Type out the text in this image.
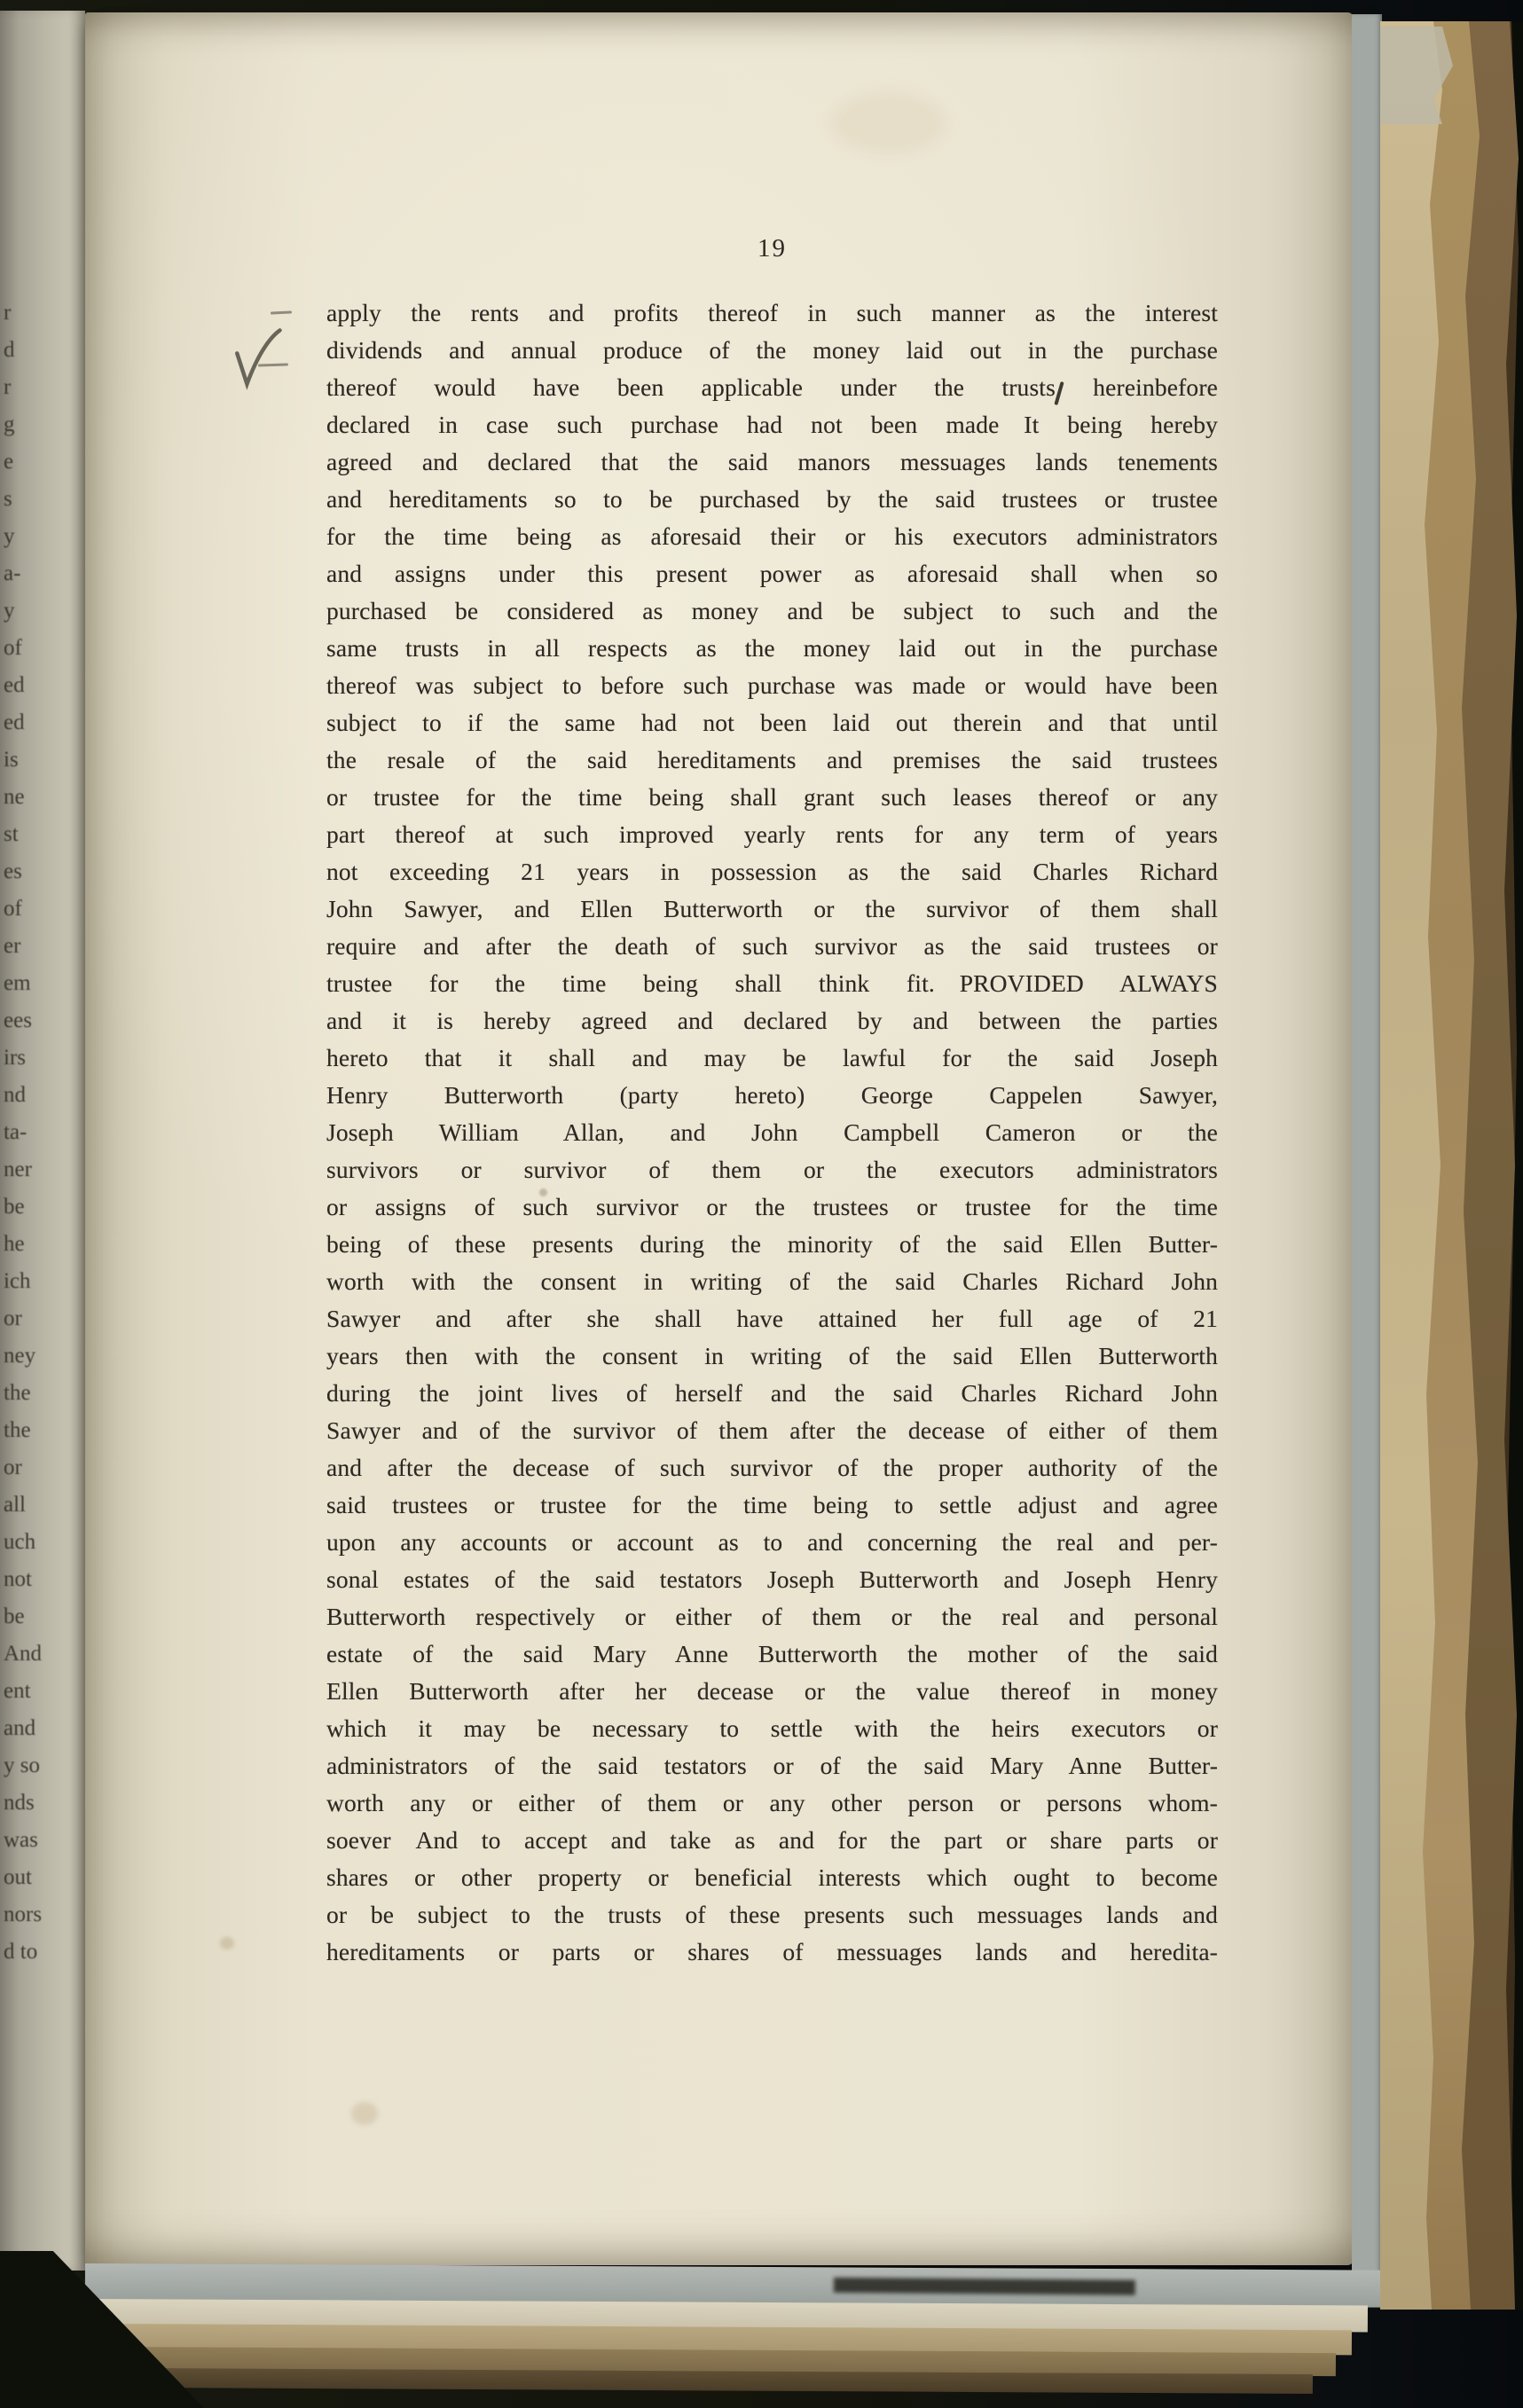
r
d
r
g
e
s
y
a-
y
of
ed
ed
is
ne
st
es
of
er
em
ees
irs
nd
ta-
ner
be
he
ich
or
ney
the
the
or
all
uch
not
be
And
ent
and
y so
nds
was
out
nors
d to
19
apply the rents and profits thereof in such manner as the interest
dividends and annual produce of the money laid out in the purchase
thereof would have been applicable under the trusts hereinbefore
declared in case such purchase had not been made  It being hereby
agreed and declared that the said manors messuages lands tenements
and hereditaments so to be purchased by the said trustees or trustee
for the time being as aforesaid their or his executors administrators
and assigns under this present power as aforesaid shall when so
purchased be considered as money and be subject to such and the
same trusts in all respects as the money laid out in the purchase
thereof was subject to before such purchase was made or would have been
subject to if the same had not been laid out therein and that until
the resale of the said hereditaments and premises the said trustees
or trustee for the time being shall grant such leases thereof or any
part thereof at such improved yearly rents for any term of years
not exceeding 21 years in possession as the said Charles Richard
John Sawyer, and Ellen Butterworth or the survivor of them shall
require and after the death of such survivor as the said trustees or
trustee for the time being shall think fit.  PROVIDED ALWAYS
and it is hereby agreed and declared by and between the parties
hereto that it shall and may be lawful for the said Joseph
Henry Butterworth (party hereto) George Cappelen Sawyer,
Joseph William Allan, and John Campbell Cameron or the
survivors or survivor of them or the executors administrators
or assigns of such survivor or the trustees or trustee for the time
being of these presents during the minority of the said Ellen Butter-
worth with the consent in writing of the said Charles Richard John
Sawyer and after she shall have attained her full age of 21
years then with the consent in writing of the said Ellen Butterworth
during the joint lives of herself and the said Charles Richard John
Sawyer and of the survivor of them after the decease of either of them
and after the decease of such survivor of the proper authority of the
said trustees or trustee for the time being to settle adjust and agree
upon any accounts or account as to and concerning the real and per-
sonal estates of the said testators Joseph Butterworth and Joseph Henry
Butterworth respectively or either of them or the real and personal
estate of the said Mary Anne Butterworth the mother of the said
Ellen Butterworth after her decease or the value thereof in money
which it may be necessary to settle with the heirs executors or
administrators of the said testators or of the said Mary Anne Butter-
worth any or either of them or any other person or persons whom-
soever  And to accept and take as and for the part or share parts or
shares or other property or beneficial interests which ought to become
or be subject to the trusts of these presents such messuages lands and
hereditaments or parts or shares of messuages lands and heredita-
